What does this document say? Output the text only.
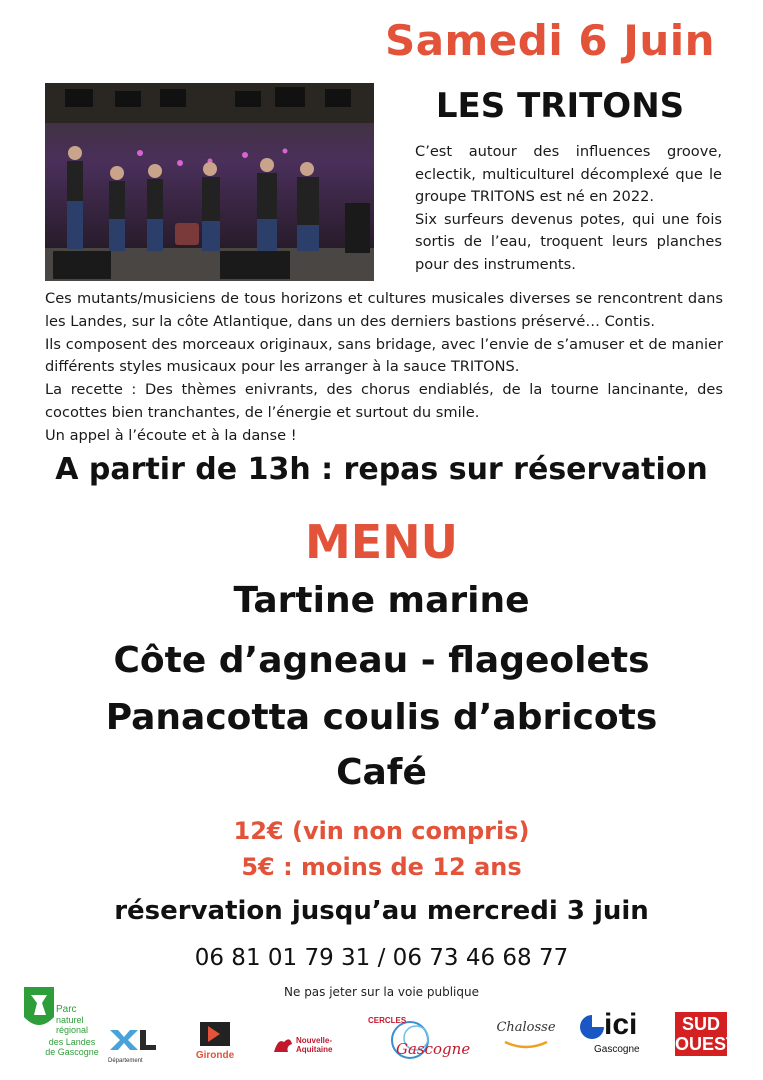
Samedi 6 Juin
LES TRITONS

C’est autour des influences groove, eclectik, multiculturel décomplexé que le groupe TRITONS est né en 2022.

Six surfeurs devenus potes, qui une fois sortis de l’eau, troquent leurs planches pour des instruments.

Ces mutants/musiciens de tous horizons et cultures musicales diverses se rencontrent dans les Landes, sur la côte Atlantique, dans un des derniers bastions préservé… Contis.

Ils composent des morceaux originaux, sans bridage, avec l’envie de s’amuser et de manier différents styles musicaux pour les arranger à la sauce TRITONS.

La recette : Des thèmes enivrants, des chorus endiablés, de la tourne lancinante, des cocottes bien tranchantes, de l’énergie et surtout du smile.

Un appel à l’écoute et à la danse !

A partir de 13h : repas sur réservation
MENU
Tartine marine
Côte d’agneau - flageolets
Panacotta coulis d’abricots
Café
12€ (vin non compris)
5€ : moins de 12 ans
réservation jusqu’au mercredi 3 juin
06 81 01 79 31 / 06 73 46 68 77
Ne pas jeter sur la voie publique
Parc
naturel
régional
des Landes
de Gascogne
Département	Gironde
Nouvelle-
Aquitaine
CERCLES
Gascogne
Chalosse ici
Gascogne
SUD
OUEST
